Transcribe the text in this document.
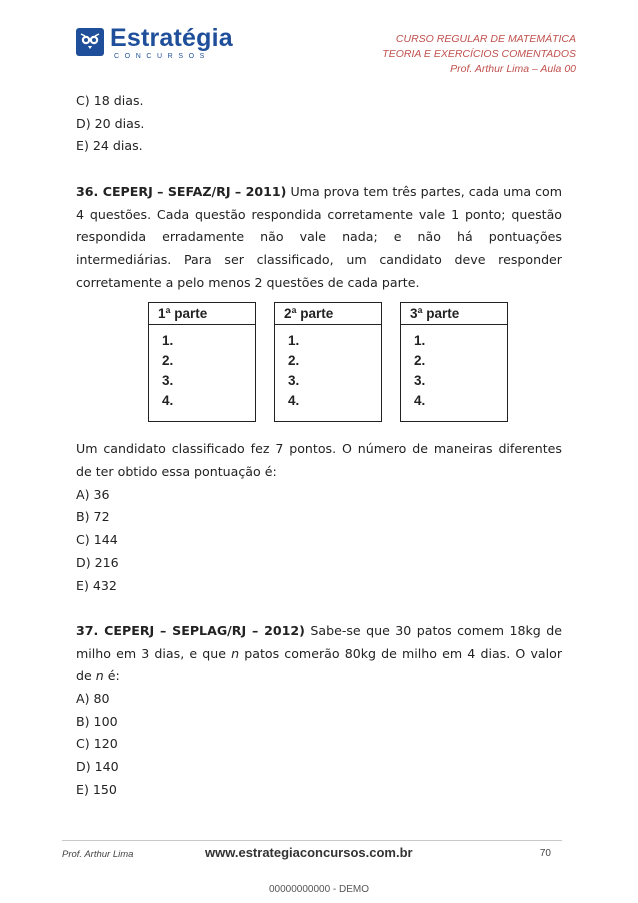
Estratégia
CONCURSOS
CURSO REGULAR DE MATEMÁTICA
TEORIA E EXERCÍCIOS COMENTADOS
Prof. Arthur Lima – Aula 00
C) 18 dias.
D) 20 dias.
E) 24 dias.

36. CEPERJ – SEFAZ/RJ – 2011) Uma prova tem três partes, cada uma com 4 questões. Cada questão respondida corretamente vale 1 ponto; questão respondida erradamente não vale nada; e não há pontuações intermediárias. Para ser classificado, um candidato deve responder corretamente a pelo menos 2 questões de cada parte.

1ª parte
1.
2.
3.
4.
2ª parte
1.
2.
3.
4.
3ª parte
1.
2.
3.
4.

Um candidato classificado fez 7 pontos. O número de maneiras diferentes de ter obtido essa pontuação é:

A) 36
B) 72
C) 144
D) 216
E) 432

37. CEPERJ – SEPLAG/RJ – 2012) Sabe-se que 30 patos comem 18kg de milho em 3 dias, e que n patos comerão 80kg de milho em 4 dias. O valor de n é:

A) 80
B) 100
C) 120
D) 140
E) 150
Prof. Arthur Lima	www.estrategiaconcursos.com.br	70
00000000000 - DEMO
